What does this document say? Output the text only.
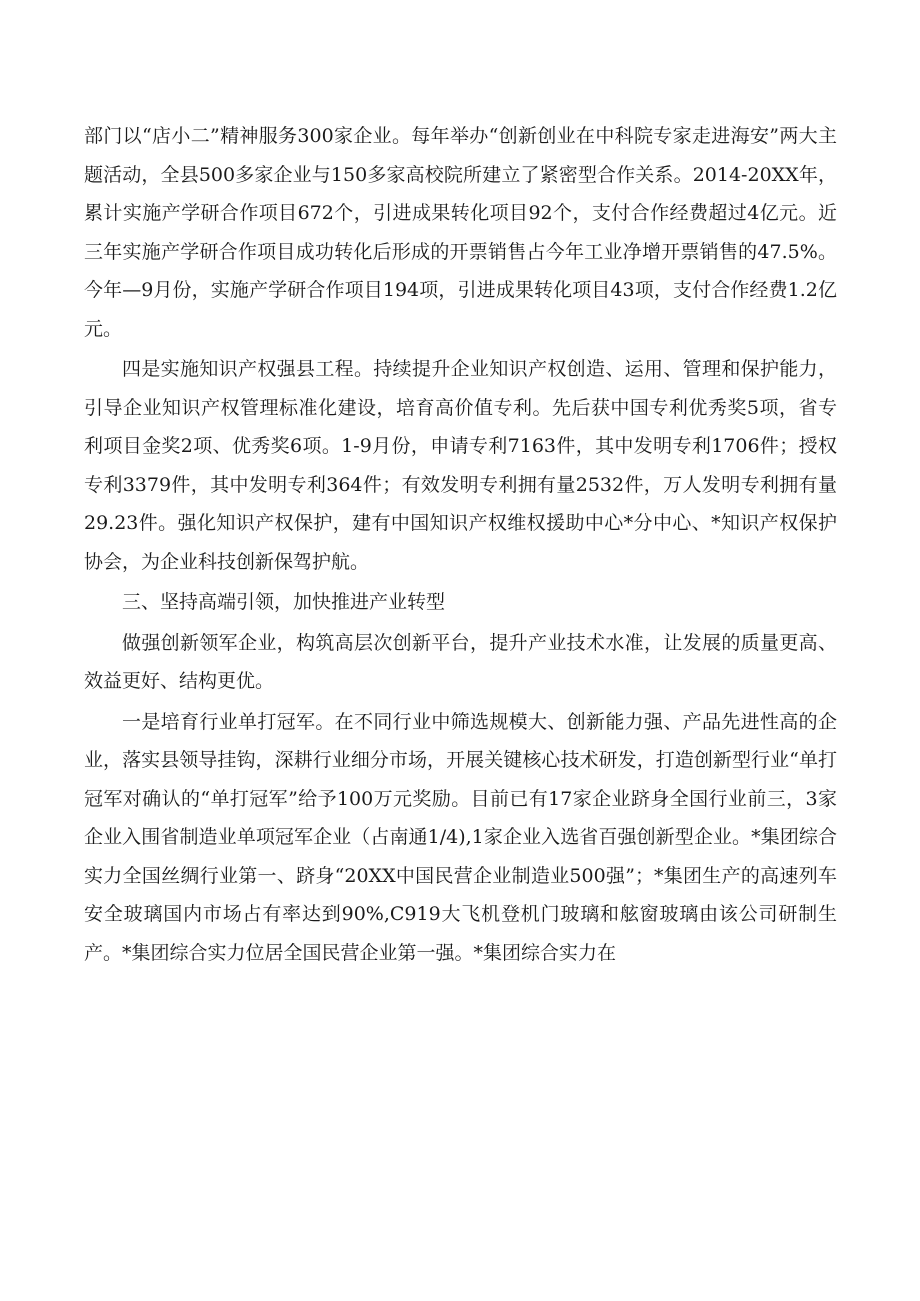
部门以“店小二”精神服务300家企业。每年举办“创新创业在中科院专家走进海安”两大主题活动，全县500多家企业与150多家高校院所建立了紧密型合作关系。2014-20XX年，累计实施产学研合作项目672个，引进成果转化项目92个，支付合作经费超过4亿元。近三年实施产学研合作项目成功转化后形成的开票销售占今年工业净增开票销售的47.5%。今年—9月份，实施产学研合作项目194项，引进成果转化项目43项，支付合作经费1.2亿元。

四是实施知识产权强县工程。持续提升企业知识产权创造、运用、管理和保护能力，引导企业知识产权管理标准化建设，培育高价值专利。先后获中国专利优秀奖5项，省专利项目金奖2项、优秀奖6项。1-9月份，申请专利7163件，其中发明专利1706件；授权专利3379件，其中发明专利364件；有效发明专利拥有量2532件，万人发明专利拥有量29.23件。强化知识产权保护，建有中国知识产权维权援助中心*分中心、*知识产权保护协会，为企业科技创新保驾护航。

三、坚持高端引领，加快推进产业转型

做强创新领军企业，构筑高层次创新平台，提升产业技术水准，让发展的质量更高、效益更好、结构更优。

一是培育行业单打冠军。在不同行业中筛选规模大、创新能力强、产品先进性高的企业，落实县领导挂钩，深耕行业细分市场，开展关键核心技术研发，打造创新型行业“单打冠军对确认的“单打冠军”给予100万元奖励。目前已有17家企业跻身全国行业前三，3家企业入围省制造业单项冠军企业（占南通1/4),1家企业入选省百强创新型企业。*集团综合实力全国丝绸行业第一、跻身“20XX中国民营企业制造业500强”；*集团生产的高速列车安全玻璃国内市场占有率达到90%,C919大飞机登机门玻璃和舷窗玻璃由该公司研制生产。*集团综合实力位居全国民营企业第一强。*集团综合实力在
